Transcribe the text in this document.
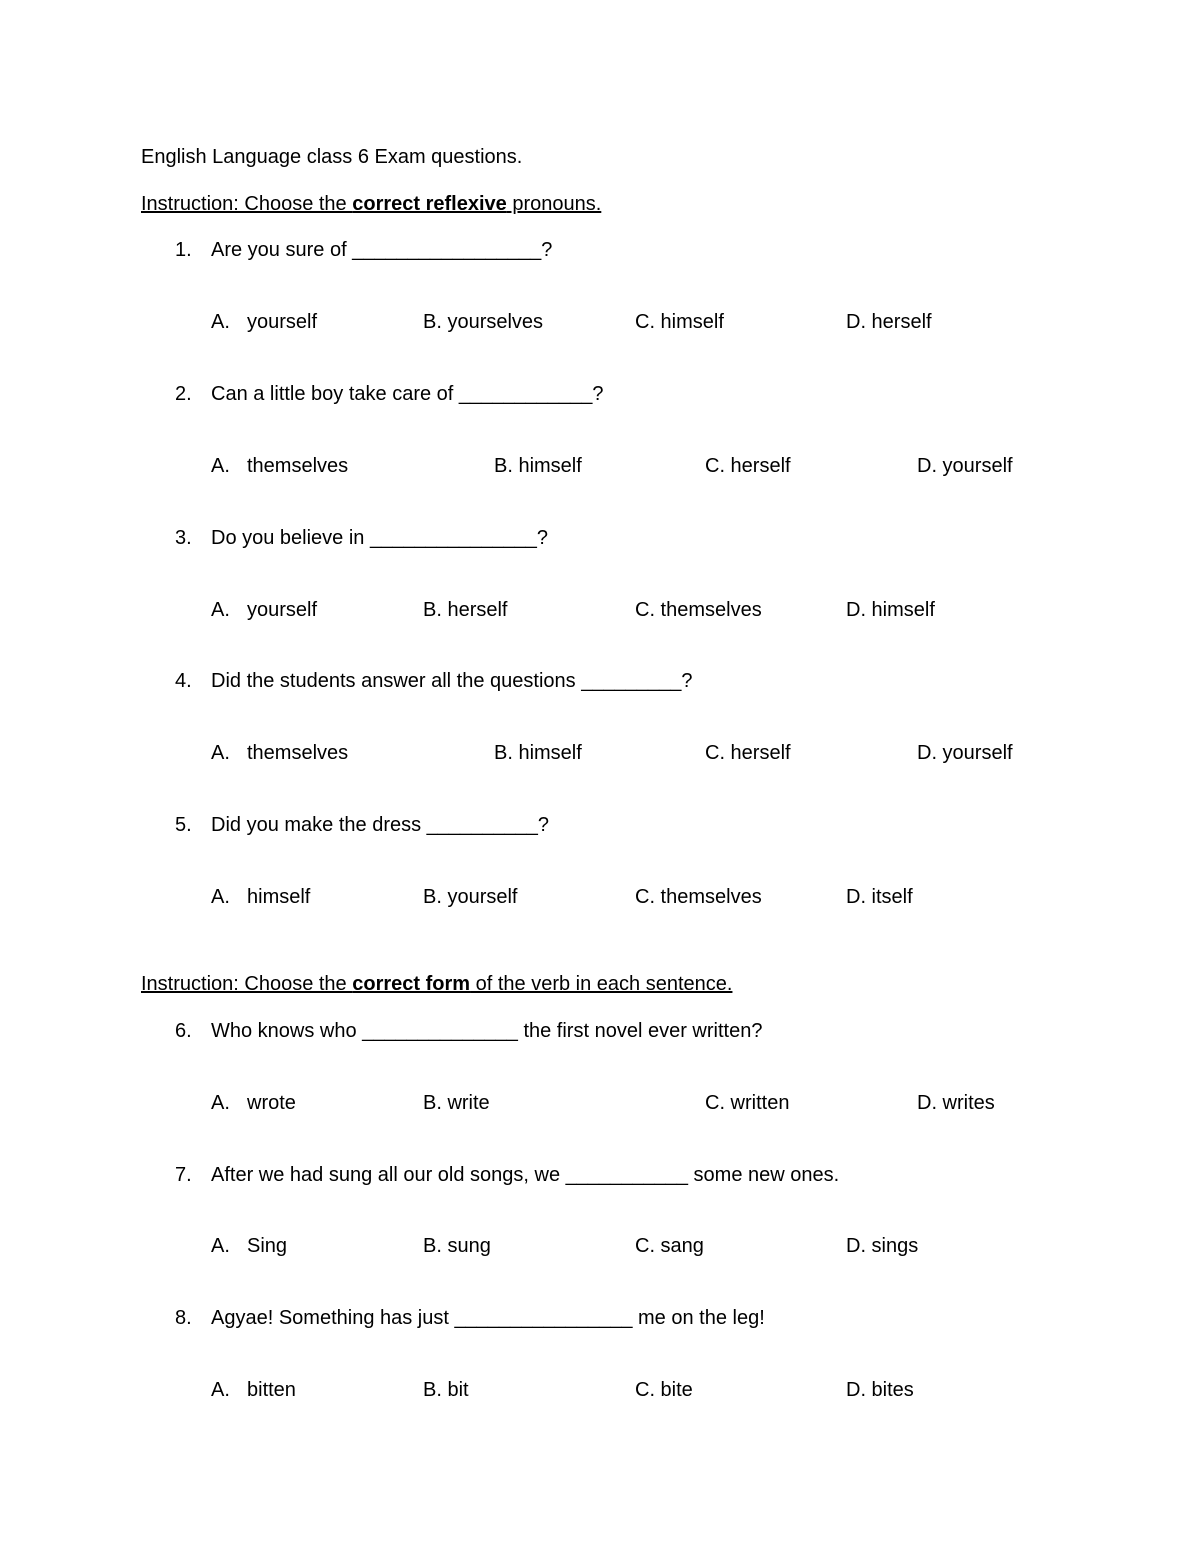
English Language class 6 Exam questions.
Instruction: Choose the correct reflexive pronouns.
1. Are you sure of _________________?
A. yourself	B. yourselves	C. himself	D. herself
2. Can a little boy take care of ____________?
A. themselves	B. himself	C. herself	D. yourself
3. Do you believe in _______________?
A. yourself	B. herself	C. themselves	D. himself
4. Did the students answer all the questions _________?
A. themselves	B. himself	C. herself	D. yourself
5. Did you make the dress __________?
A. himself	B. yourself	C. themselves	D. itself
Instruction: Choose the correct form of the verb in each sentence.
6. Who knows who ______________ the first novel ever written?
A. wrote	B. write	C. written	D. writes
7. After we had sung all our old songs, we ___________ some new ones.
A. Sing	B. sung	C. sang	D. sings
8. Agyae! Something has just ________________ me on the leg!
A. bitten	B. bit	C. bite	D. bites
